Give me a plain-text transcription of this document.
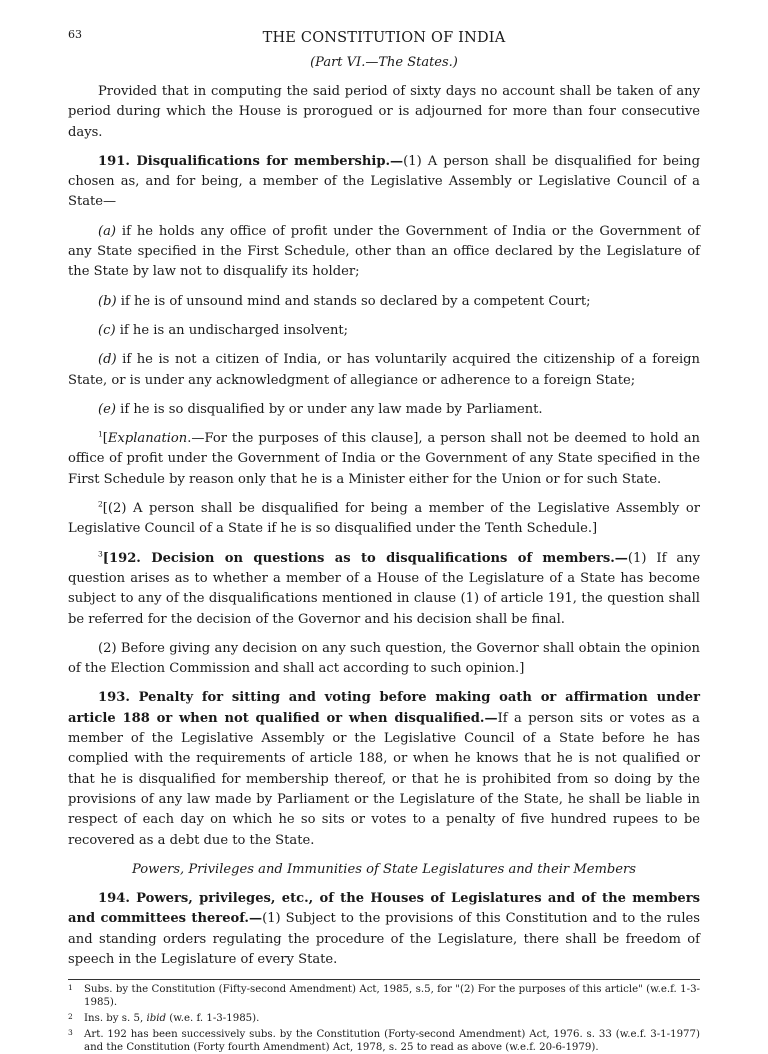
63	THE CONSTITUTION OF INDIA
(Part VI.—The States.)

Provided that in computing the said period of sixty days no account shall be taken of any period during which the House is prorogued or is adjourned for more than four consecutive days.

191. Disqualifications for membership.—(1) A person shall be disqualified for being chosen as, and for being, a member of the Legislative Assembly or Legislative Council of a State—

(a) if he holds any office of profit under the Government of India or the Government of any State specified in the First Schedule, other than an office declared by the Legislature of the State by law not to disqualify its holder;

(b) if he is of unsound mind and stands so declared by a competent Court;

(c) if he is an undischarged insolvent;

(d) if he is not a citizen of India, or has voluntarily acquired the citizenship of a foreign State, or is under any acknowledgment of allegiance or adherence to a foreign State;

(e) if he is so disqualified by or under any law made by Parliament.

$^1$[Explanation.—For the purposes of this clause], a person shall not be deemed to hold an office of profit under the Government of India or the Government of any State specified in the First Schedule by reason only that he is a Minister either for the Union or for such State.

$^2$[(2) A person shall be disqualified for being a member of the Legislative Assembly or Legislative Council of a State if he is so disqualified under the Tenth Schedule.]

$^3$[192. Decision on questions as to disqualifications of members.—(1) If any question arises as to whether a member of a House of the Legislature of a State has become subject to any of the disqualifications mentioned in clause (1) of article 191, the question shall be referred for the decision of the Governor and his decision shall be final.

(2) Before giving any decision on any such question, the Governor shall obtain the opinion of the Election Commission and shall act according to such opinion.]

193. Penalty for sitting and voting before making oath or affirmation under article 188 or when not qualified or when disqualified.—If a person sits or votes as a member of the Legislative Assembly or the Legislative Council of a State before he has complied with the requirements of article 188, or when he knows that he is not qualified or that he is disqualified for membership thereof, or that he is prohibited from so doing by the provisions of any law made by Parliament or the Legislature of the State, he shall be liable in respect of each day on which he so sits or votes to a penalty of five hundred rupees to be recovered as a debt due to the State.

Powers, Privileges and Immunities of State Legislatures and their Members

194. Powers, privileges, etc., of the Houses of Legislatures and of the members and committees thereof.—(1) Subject to the provisions of this Constitution and to the rules and standing orders regulating the procedure of the Legislature, there shall be freedom of speech in the Legislature of every State.

1 Subs. by the Constitution (Fifty-second Amendment) Act, 1985, s.5, for "(2) For the purposes of this article" (w.e.f. 1-3-1985).
2 Ins. by s. 5, ibid (w.e. f. 1-3-1985).
3 Art. 192 has been successively subs. by the Constitution (Forty-second Amendment) Act, 1976. s. 33 (w.e.f. 3-1-1977) and the Constitution (Forty fourth Amendment) Act, 1978, s. 25 to read as above (w.e.f. 20-6-1979).
